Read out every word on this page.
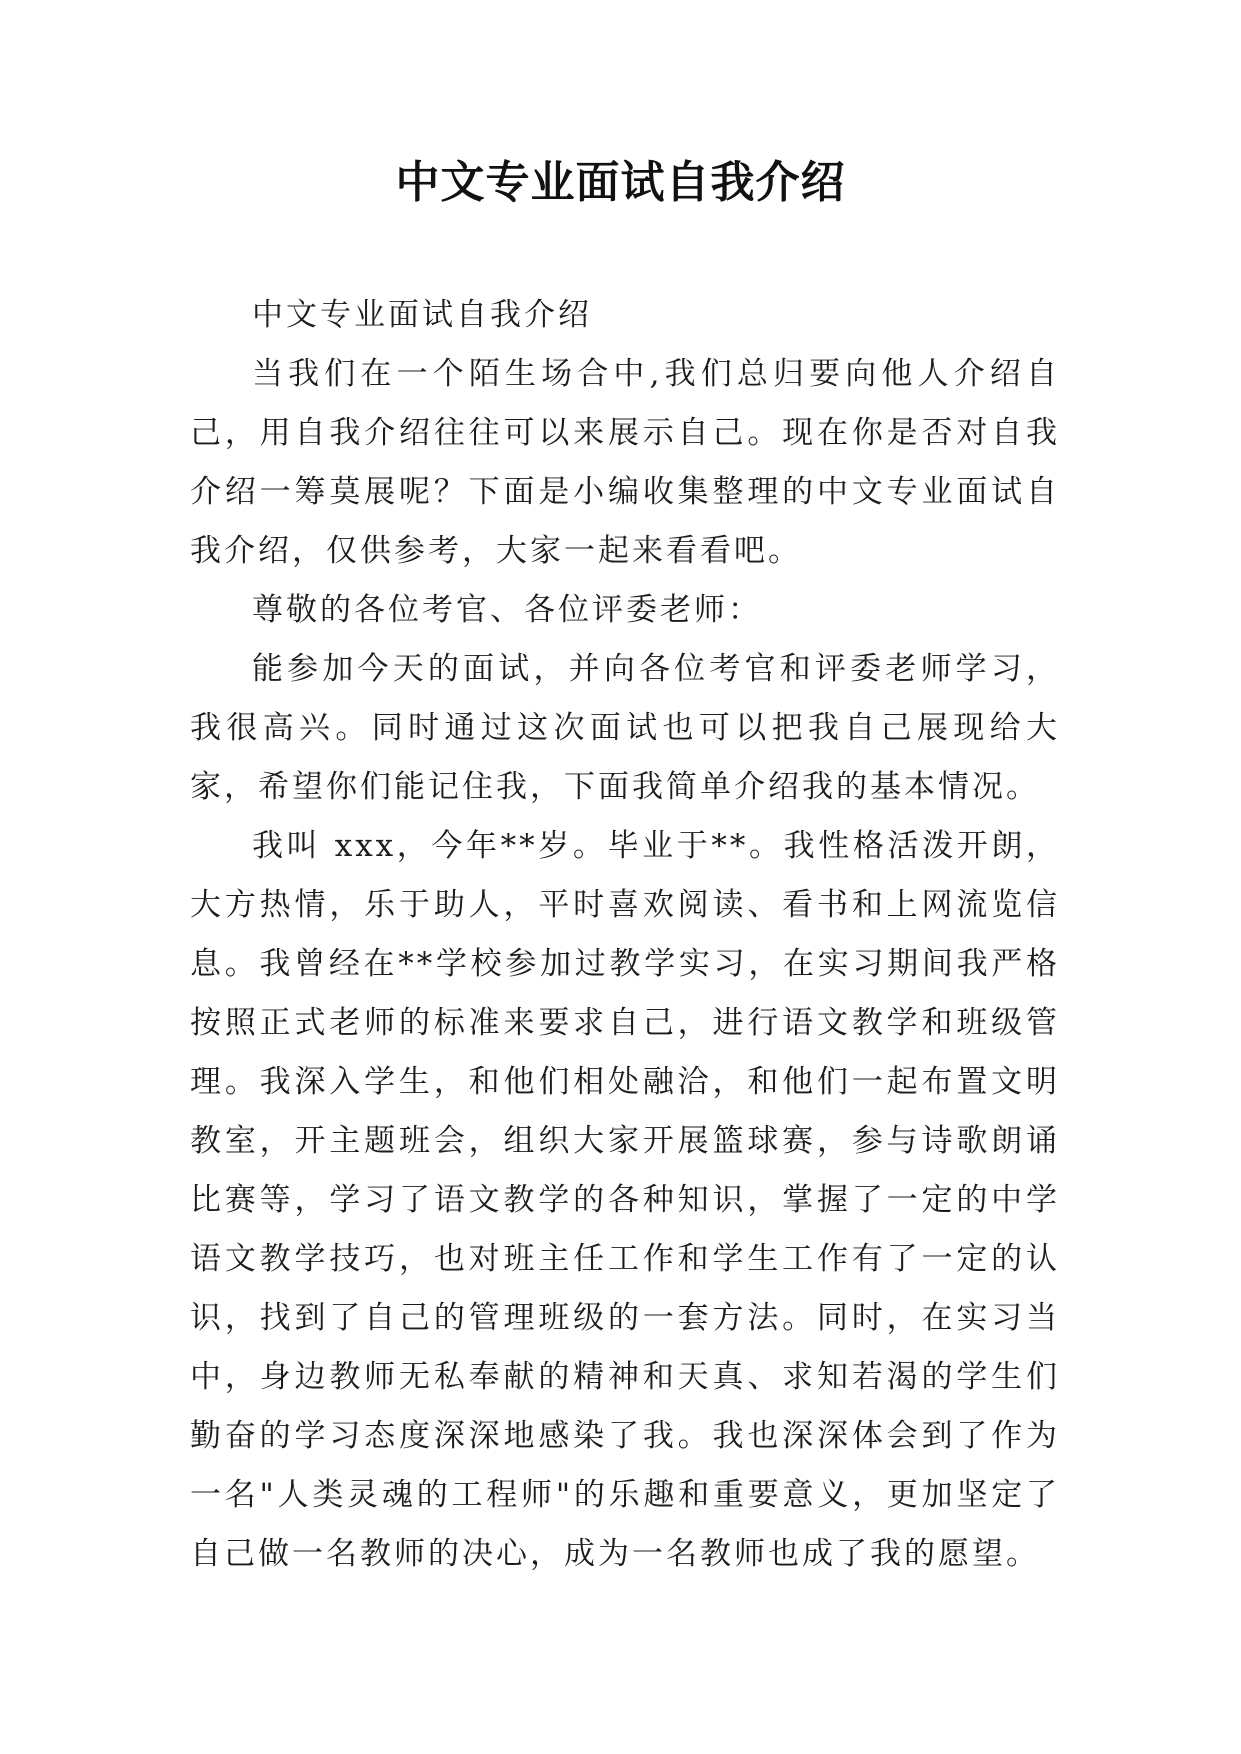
中文专业面试自我介绍

中文专业面试自我介绍

当我们在一个陌生场合中,我们总归要向他人介绍自己，用自我介绍往往可以来展示自己。现在你是否对自我介绍一筹莫展呢？下面是小编收集整理的中文专业面试自我介绍，仅供参考，大家一起来看看吧。

尊敬的各位考官、各位评委老师：

能参加今天的面试，并向各位考官和评委老师学习，我很高兴。同时通过这次面试也可以把我自己展现给大家，希望你们能记住我，下面我简单介绍我的基本情况。

我叫 xxx，今年**岁。毕业于**。我性格活泼开朗，大方热情，乐于助人，平时喜欢阅读、看书和上网流览信息。我曾经在**学校参加过教学实习，在实习期间我严格按照正式老师的标准来要求自己，进行语文教学和班级管理。我深入学生，和他们相处融洽，和他们一起布置文明教室，开主题班会，组织大家开展篮球赛，参与诗歌朗诵比赛等，学习了语文教学的各种知识，掌握了一定的中学语文教学技巧，也对班主任工作和学生工作有了一定的认识，找到了自己的管理班级的一套方法。同时，在实习当中，身边教师无私奉献的精神和天真、求知若渴的学生们勤奋的学习态度深深地感染了我。我也深深体会到了作为一名"人类灵魂的工程师"的乐趣和重要意义，更加坚定了自己做一名教师的决心，成为一名教师也成了我的愿望。
